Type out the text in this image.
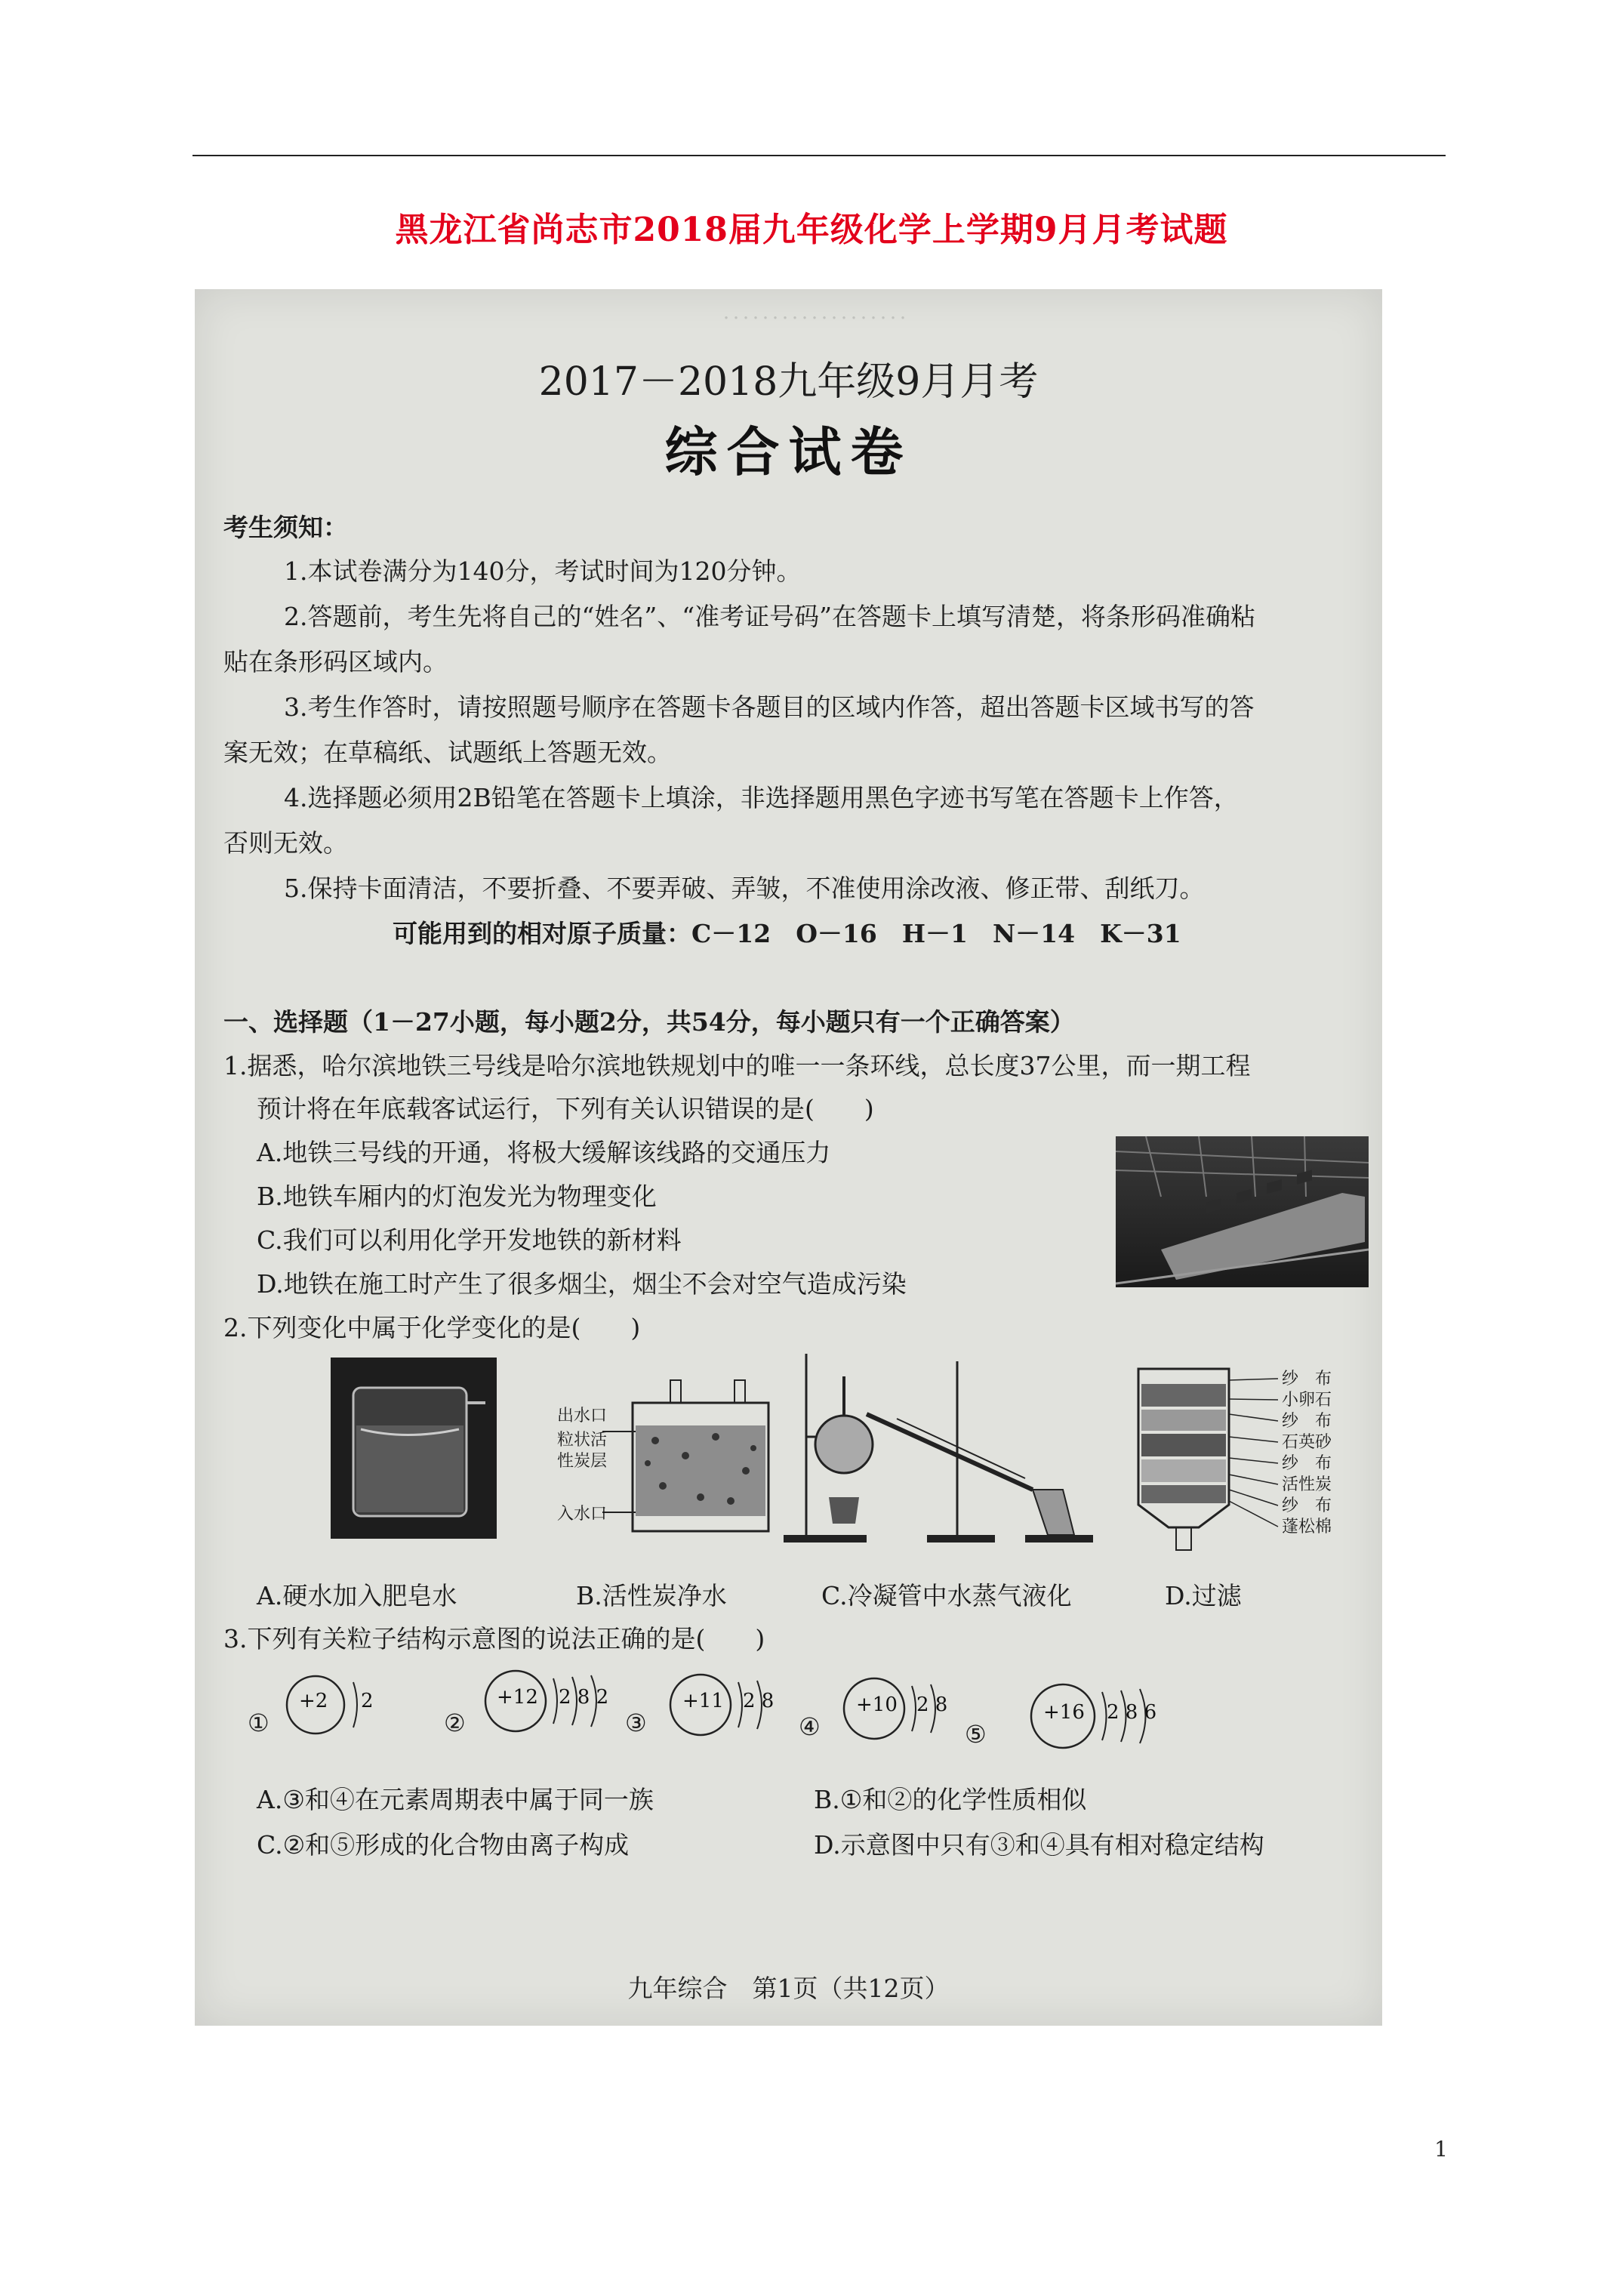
黑龙江省尚志市2018届九年级化学上学期9月月考试题
．．．．．．．．．．．．．．．．．．．
2017－2018九年级9月月考
综合试卷
考生须知：
1.本试卷满分为140分，考试时间为120分钟。
2.答题前，考生先将自己的“姓名”、“准考证号码”在答题卡上填写清楚，将条形码准确粘
贴在条形码区域内。
3.考生作答时，请按照题号顺序在答题卡各题目的区域内作答，超出答题卡区域书写的答
案无效；在草稿纸、试题纸上答题无效。
4.选择题必须用2B铅笔在答题卡上填涂，非选择题用黑色字迹书写笔在答题卡上作答，
否则无效。
5.保持卡面清洁，不要折叠、不要弄破、弄皱，不准使用涂改液、修正带、刮纸刀。
可能用到的相对原子质量：C－12　O－16　H－1　N－14　K－31
一、选择题（1－27小题，每小题2分，共54分，每小题只有一个正确答案）
1.据悉，哈尔滨地铁三号线是哈尔滨地铁规划中的唯一一条环线，总长度37公里，而一期工程
预计将在年底载客试运行，下列有关认识错误的是(　　)
A.地铁三号线的开通，将极大缓解该线路的交通压力
B.地铁车厢内的灯泡发光为物理变化
C.我们可以利用化学开发地铁的新材料
D.地铁在施工时产生了很多烟尘，烟尘不会对空气造成污染
2.下列变化中属于化学变化的是(　　)
出水口
粒状活
性炭层
入水口
纱　布
小卵石
纱　布
石英砂
纱　布
活性炭
纱　布
蓬松棉
A.硬水加入肥皂水	B.活性炭净水	C.冷凝管中水蒸气液化	D.过滤
3.下列有关粒子结构示意图的说法正确的是(　　)
①
+2 2
②
+12 2 8 2
③
+11 2 8
④
+10 2 8
⑤
+16 2 8 6
A.③和④在元素周期表中属于同一族	B.①和②的化学性质相似
C.②和⑤形成的化合物由离子构成	D.示意图中只有③和④具有相对稳定结构
九年综合　第1页（共12页）
1
